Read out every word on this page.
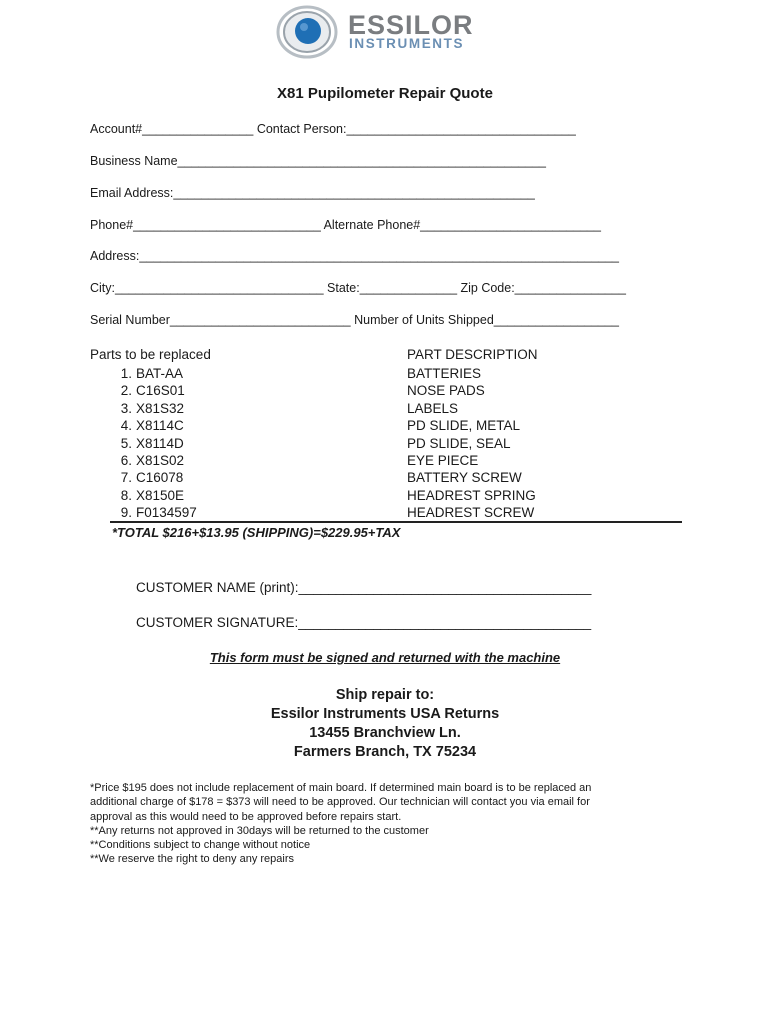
ESSILOR
INSTRUMENTS
X81 Pupilometer Repair Quote
Account#________________ Contact Person:_________________________________
Business Name_____________________________________________________
Email Address:____________________________________________________
Phone#___________________________ Alternate Phone#__________________________
Address:_____________________________________________________________________
City:______________________________ State:______________ Zip Code:________________
Serial Number__________________________ Number of Units Shipped__________________
Parts to be replaced	PART DESCRIPTION
1. BAT-AA
2. C16S01
3. X81S32
4. X8114C
5. X8114D
6. X81S02
7. C16078
8. X8150E
9. F0134597
BATTERIES
NOSE PADS
LABELS
PD SLIDE, METAL
PD SLIDE, SEAL
EYE PIECE
BATTERY SCREW
HEADREST SPRING
HEADREST SCREW
*TOTAL $216+$13.95 (SHIPPING)=$229.95+TAX
CUSTOMER NAME (print):_______________________________________
CUSTOMER SIGNATURE:_______________________________________
This form must be signed and returned with the machine
Ship repair to:
Essilor Instruments USA Returns
13455 Branchview Ln.
Farmers Branch, TX 75234
*Price $195 does not include replacement of main board. If determined main board is to be replaced an
additional charge of $178 = $373 will need to be approved. Our technician will contact you via email for
approval as this would need to be approved before repairs start.
**Any returns not approved in 30days will be returned to the customer
**Conditions subject to change without notice
**We reserve the right to deny any repairs
